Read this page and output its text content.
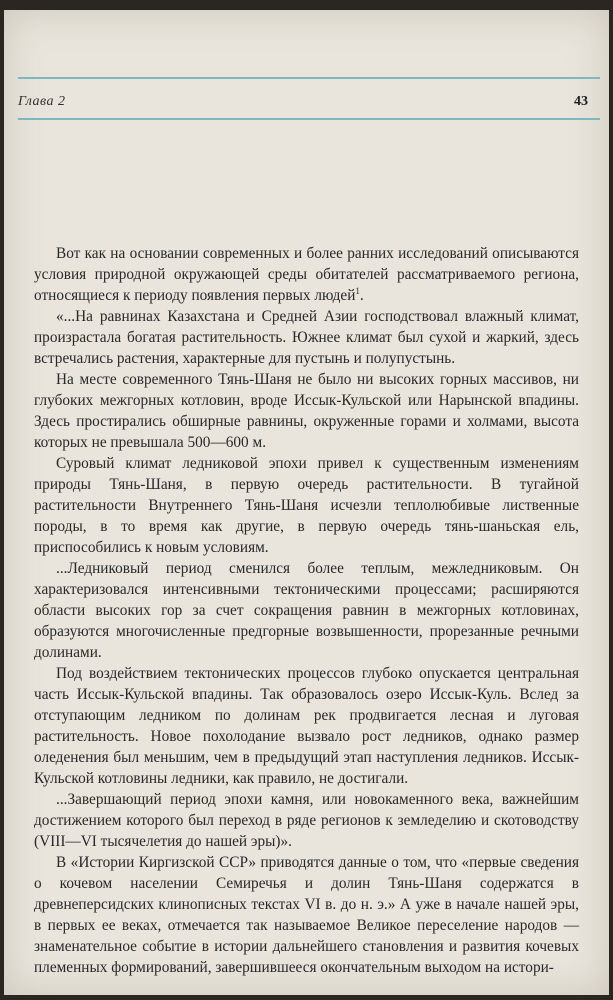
Глава 2	43

Вот как на основании современных и более ранних исследований описываются условия природной окружающей среды обитателей рассматриваемого региона, относящиеся к периоду появления первых людей$^1$.

«...На равнинах Казахстана и Средней Азии господствовал влажный климат, произрастала богатая растительность. Южнее климат был сухой и жаркий, здесь встречались растения, характерные для пустынь и полупустынь.

На месте современного Тянь-Шаня не было ни высоких горных массивов, ни глубоких межгорных котловин, вроде Иссык-Кульской или Нарынской впадины. Здесь простирались обширные равнины, окруженные горами и холмами, высота которых не превышала 500—600 м.

Суровый климат ледниковой эпохи привел к существенным изменениям природы Тянь-Шаня, в первую очередь растительности. В тугайной растительности Внутреннего Тянь-Шаня исчезли теплолюбивые лиственные породы, в то время как другие, в первую очередь тянь-шаньская ель, приспособились к новым условиям.

...Ледниковый период сменился более теплым, межледниковым. Он характеризовался интенсивными тектоническими процессами; расширяются области высоких гор за счет сокращения равнин в межгорных котловинах, образуются многочисленные предгорные возвышенности, прорезанные речными долинами.

Под воздействием тектонических процессов глубоко опускается центральная часть Иссык-Кульской впадины. Так образовалось озеро Иссык-Куль. Вслед за отступающим ледником по долинам рек продвигается лесная и луговая растительность. Новое похолодание вызвало рост ледников, однако размер оледенения был меньшим, чем в предыдущий этап наступления ледников. Иссык-Кульской котловины ледники, как правило, не достигали.

...Завершающий период эпохи камня, или новокаменного века, важнейшим достижением которого был переход в ряде регионов к земледелию и скотоводству (VIII—VI тысячелетия до нашей эры)».

В «Истории Киргизской ССР» приводятся данные о том, что «первые сведения о кочевом населении Семиречья и долин Тянь-Шаня содержатся в древнеперсидских клинописных текстах VI в. до н. э.» А уже в начале нашей эры, в первых ее веках, отмечается так называемое Великое переселение народов — знаменательное событие в истории дальнейшего становления и развития кочевых племенных формирований, завершившееся окончательным выходом на истори-
